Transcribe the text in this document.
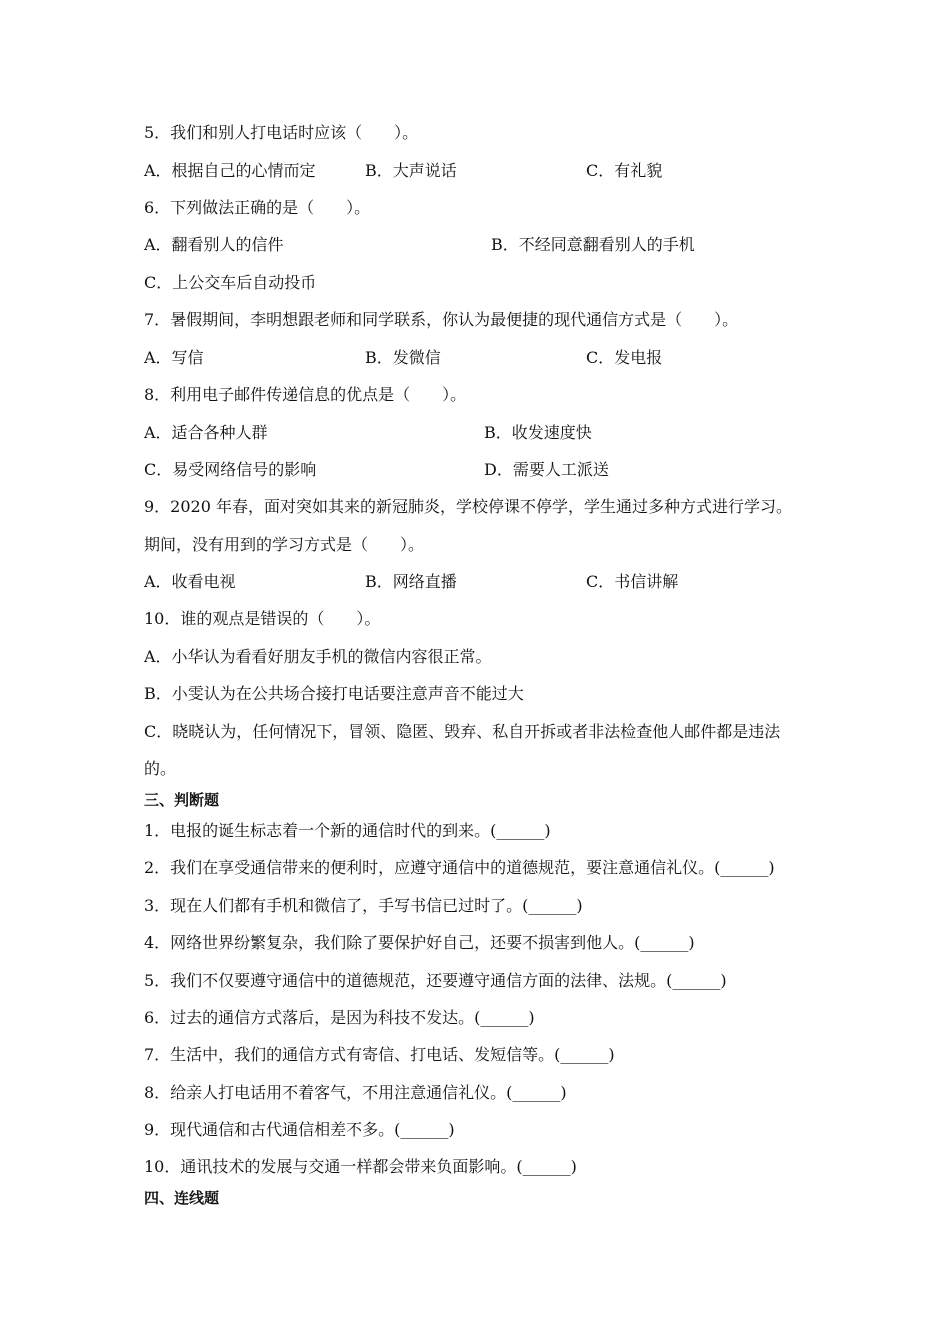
5．我们和别人打电话时应该（　　）。
A．根据自己的心情而定	B．大声说话	C．有礼貌
6．下列做法正确的是（　　）。
A．翻看别人的信件	B．不经同意翻看别人的手机
C．上公交车后自动投币
7．暑假期间，李明想跟老师和同学联系，你认为最便捷的现代通信方式是（　　）。
A．写信	B．发微信	C．发电报
8．利用电子邮件传递信息的优点是（　　）。
A．适合各种人群	B．收发速度快
C．易受网络信号的影响	D．需要人工派送
9．2020 年春，面对突如其来的新冠肺炎，学校停课不停学，学生通过多种方式进行学习。
期间，没有用到的学习方式是（　　）。
A．收看电视	B．网络直播	C．书信讲解
10．谁的观点是错误的（　　）。
A．小华认为看看好朋友手机的微信内容很正常。
B．小雯认为在公共场合接打电话要注意声音不能过大
C．晓晓认为，任何情况下，冒领、隐匿、毁弃、私自开拆或者非法检查他人邮件都是违法
的。
三、判断题
1．电报的诞生标志着一个新的通信时代的到来。(______)
2．我们在享受通信带来的便利时，应遵守通信中的道德规范，要注意通信礼仪。(______)
3．现在人们都有手机和微信了，手写书信已过时了。(______)
4．网络世界纷繁复杂，我们除了要保护好自己，还要不损害到他人。(______)
5．我们不仅要遵守通信中的道德规范，还要遵守通信方面的法律、法规。(______)
6．过去的通信方式落后，是因为科技不发达。(______)
7．生活中，我们的通信方式有寄信、打电话、发短信等。(______)
8．给亲人打电话用不着客气，不用注意通信礼仪。(______)
9．现代通信和古代通信相差不多。(______)
10．通讯技术的发展与交通一样都会带来负面影响。(______)
四、连线题
